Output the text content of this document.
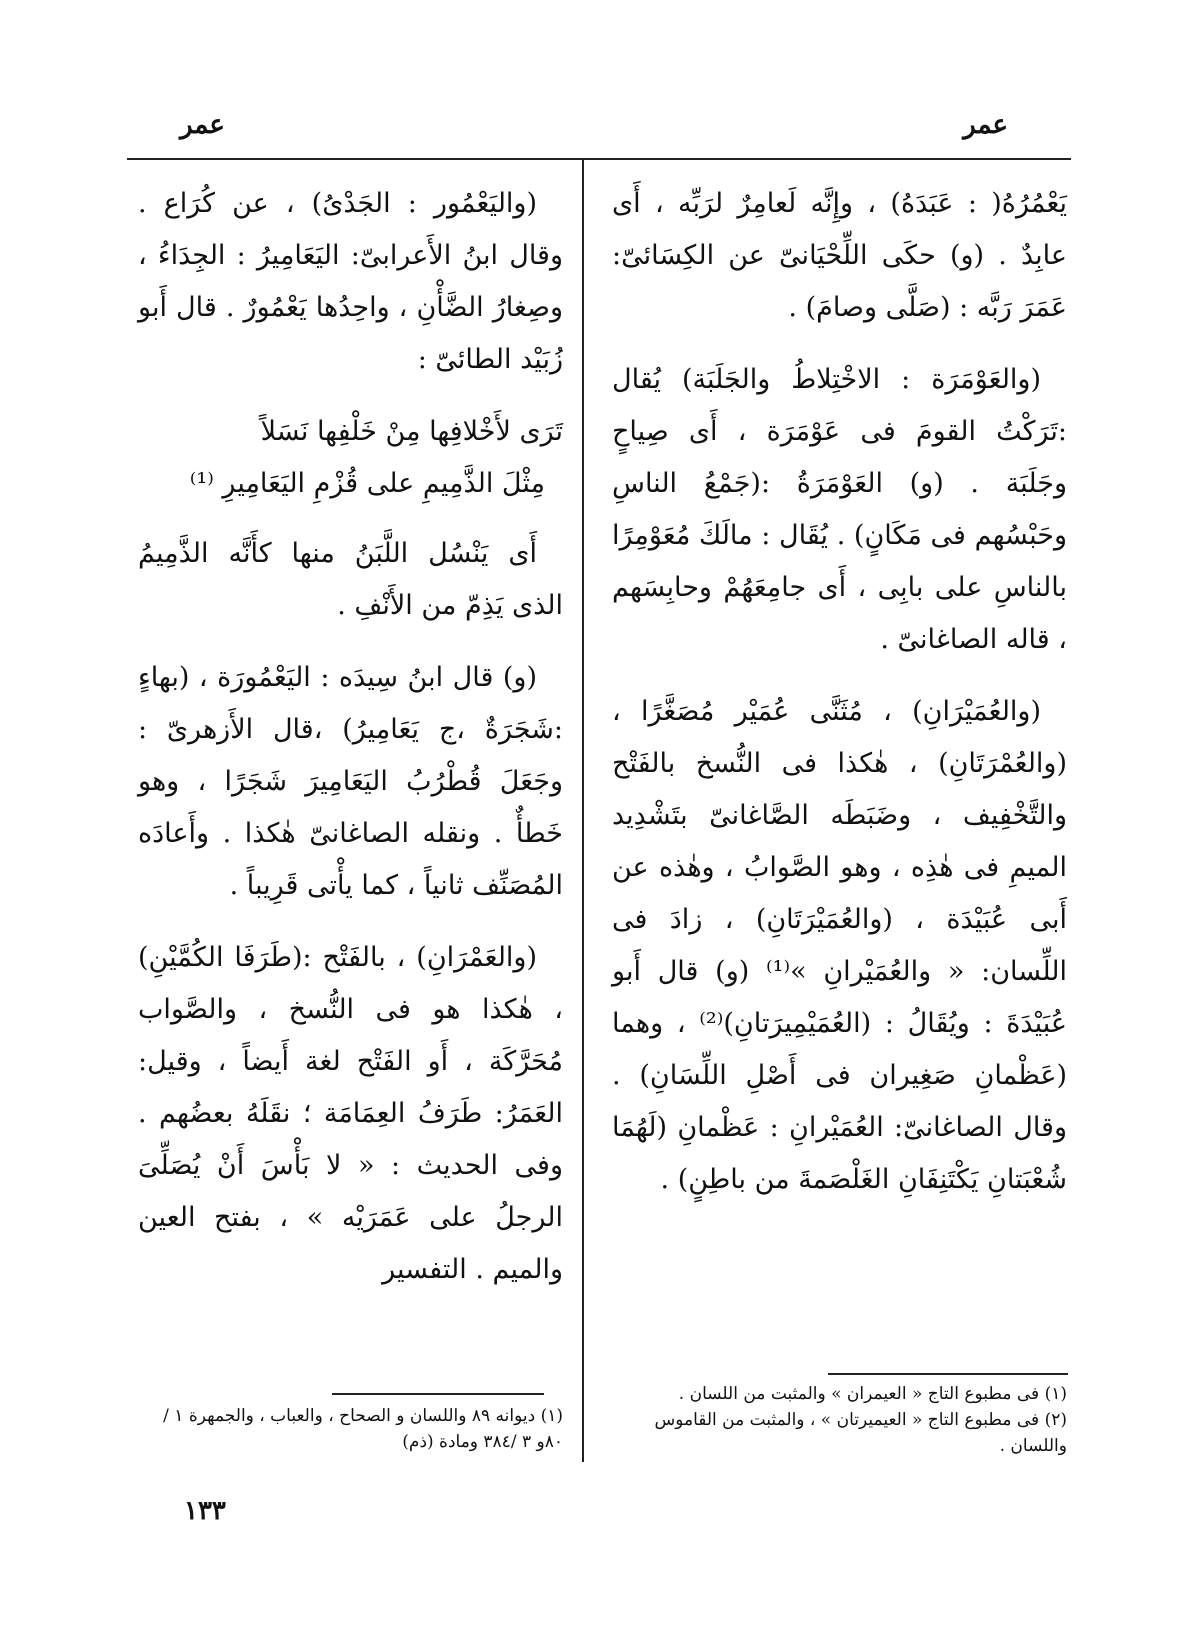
عمر
عمر

يَعْمُرُهُ( : عَبَدَهُ) ، وإِنَّه لَعامِرٌ لرَبِّه ، أَى عابِدٌ . (و) حكَى اللِّحْيَانىّ عن الكِسَائىّ: عَمَرَ رَبَّه : (صَلَّى وصامَ) .

(والعَوْمَرَة : الاخْتِلاطُ والجَلَبَة) يُقال :تَرَكْتُ القومَ فى عَوْمَرَة ، أَى صِياحٍ وجَلَبَة . (و) العَوْمَرَةُ :(جَمْعُ الناسِ وحَبْسُهم فى مَكَانٍ) . يُقَال : مالَكَ مُعَوْمِرًا بالناسِ على بابِى ، أَى جامِعَهُمْ وحابِسَهم ، قاله الصاغانىّ .

(والعُمَيْرَانِ) ، مُثَنَّى عُمَيْر مُصَغَّرًا ، (والعُمْرَتَانِ) ، هٰكذا فى النُّسخ بالفَتْح والتَّخْفِيف ، وضَبَطَه الصَّاغانىّ بتَشْدِيد الميمِ فى هٰذِه ، وهو الصَّوابُ ، وهٰذه عن أَبى عُبَيْدَة ، (والعُمَيْرَتَانِ) ، زادَ فى اللِّسان: « والعُمَيْرانِ »⁽¹⁾ (و) قال أَبو عُبَيْدَةَ : ويُقَالُ : (العُمَيْمِيرَتانِ)⁽²⁾ ، وهما (عَظْمانِ صَغِيران فى أَصْلِ اللِّسَانِ) . وقال الصاغانىّ: العُمَيْرانِ : عَظْمانِ (لَهُمَا شُعْبَتانِ يَكْتَنِفَانِ الغَلْصَمةَ من باطِنٍ) .

(واليَعْمُور : الجَدْىُ) ، عن كُرَاع . وقال ابنُ الأَعرابىّ: اليَعَامِيرُ : الجِدَاءُ ، وصِغارُ الضَّأْنِ ، واحِدُها يَعْمُورٌ . قال أَبو زُبَيْد الطائىّ :

تَرَى لأَخْلافِها مِنْ خَلْفِها نَسَلاً
مِثْلَ الذَّمِيمِ على قُزْمِ اليَعَامِيرِ ⁽¹⁾

أَى يَنْسُل اللَّبَنُ منها كأَنَّه الذَّمِيمُ الذى يَذِمّ من الأَنْفِ .

(و) قال ابنُ سِيدَه : اليَعْمُورَة ، (بهاءٍ :شَجَرَةٌ ،ج يَعَامِيرُ) ،قال الأَزهرىّ : وجَعَلَ قُطْرُبُ اليَعَامِيرَ شَجَرًا ، وهو خَطأٌ . ونقله الصاغانىّ هٰكذا . وأَعادَه المُصَنِّف ثانياً ، كما يأْتى قَرِيباً .

(والعَمْرَانِ) ، بالفَتْح :(طَرَفَا الكُمَّيْنِ) ، هٰكذا هو فى النُّسخ ، والصَّواب مُحَرَّكَة ، أَو الفَتْح لغة أَيضاً ، وقيل: العَمَرُ: طَرَفُ العِمَامَة ؛ نقَلَهُ بعضُهم . وفى الحديث : « لا بَأْسَ أَنْ يُصَلِّىَ الرجلُ على عَمَرَيْه » ، بفتح العين والميم . التفسير

(١) فى مطبوع التاج « العيمران » والمثبت من اللسان .

(٢) فى مطبوع التاج « العيميرتان » ، والمثبت من القاموس واللسان .

(١) ديوانه ٨٩ واللسان و الصحاح ، والعباب ، والجمهرة ١ / ٨٠و ٣ /٣٨٤ ومادة (ذم)

١٣٣
